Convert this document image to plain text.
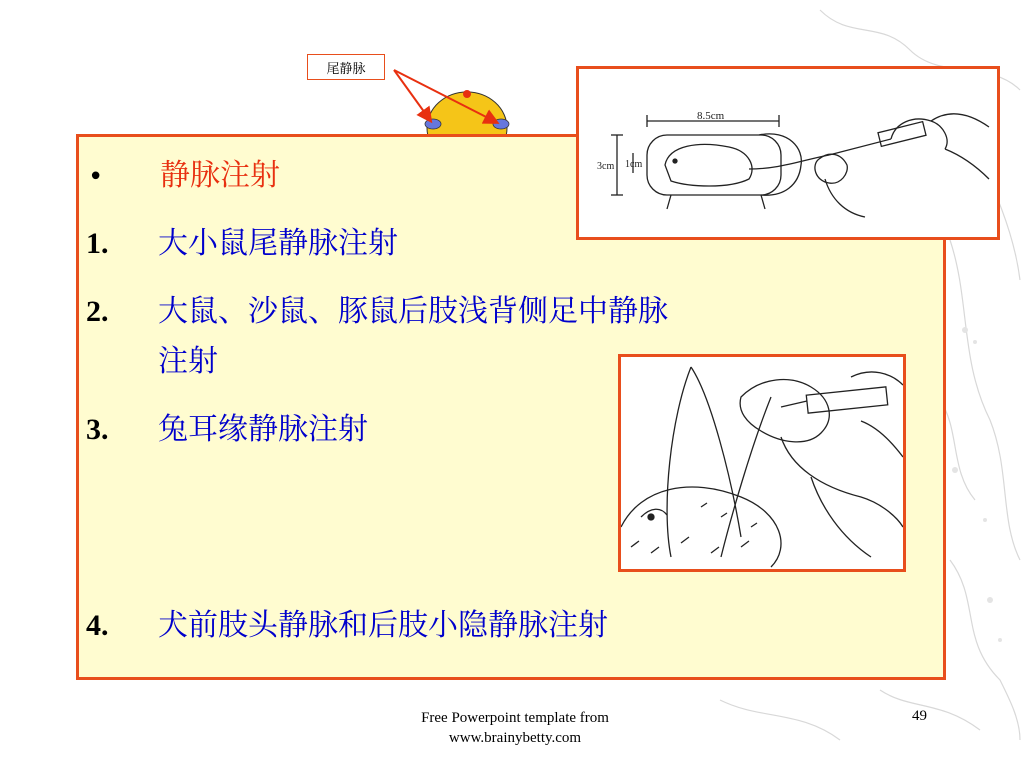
尾静脉
•	静脉注射
1.	大小鼠尾静脉注射
2.	大鼠、沙鼠、豚鼠后肢浅背侧足中静脉
注射
3.	兔耳缘静脉注射
4.	犬前肢头静脉和后肢小隐静脉注射
8.5cm
3cm 1cm
Free Powerpoint template from
www.brainybetty.com
49
